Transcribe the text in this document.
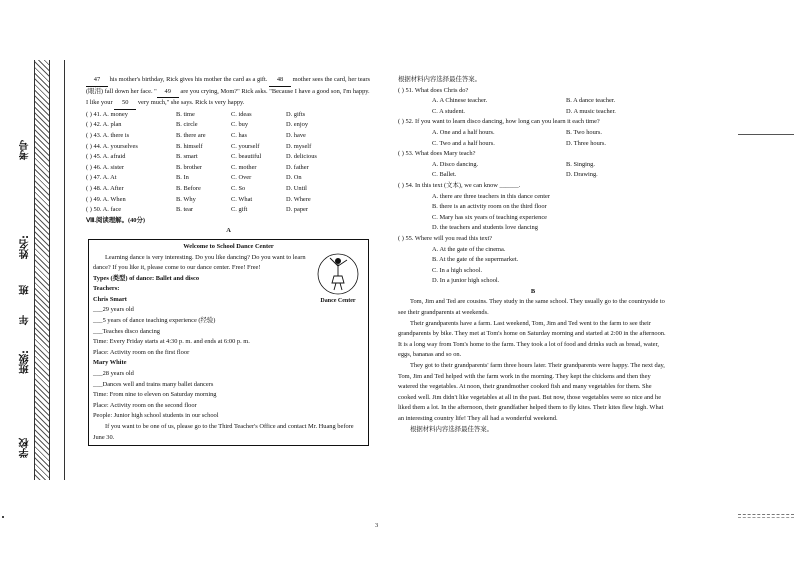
考号
姓名:
班
年
班级:
学校

47 his mother's birthday, Rick gives his mother the card as a gift. 48 mother sees the card, her tears (眼泪) fall down her face. " 49 are you crying, Mom?" Rick asks. "Because I have a good son, I'm happy. I like your 50 very much," she says. Rick is very happy.

( ) 41. A. money	B. time	C. ideas	D. gifts
( ) 42. A. plan	B. circle	C. buy	D. enjoy
( ) 43. A. there is	B. there are	C. has	D. have
( ) 44. A. yourselves	B. himself	C. yourself	D. myself
( ) 45. A. afraid	B. smart	C. beautiful	D. delicious
( ) 46. A. sister	B. brother	C. mother	D. father
( ) 47. A. At	B. In	C. Over	D. On
( ) 48. A. After	B. Before	C. So	D. Until
( ) 49. A. When	B. Why	C. What	D. Where
( ) 50. A. face	B. tear	C. gift	D. paper

Ⅷ.阅读理解。(40分)

A

Welcome to School Dance Center

Learning dance is very interesting. Do you like dancing? Do you want to learn dance? If you like it, please come to our dance center. Free! Free!

Types (类型) of dance: Ballet and disco

Teachers:

Chris Smart

___29 years old

___5 years of dance teaching experience (经验)

___Teaches disco dancing

Time: Every Friday starts at 4:30 p. m. and ends at 6:00 p. m.

Place: Activity room on the first floor

Mary White

___28 years old

___Dances well and trains many ballet dancers

Time: From nine to eleven on Saturday morning

Place: Activity room on the second floor

People: Junior high school students in our school

If you want to be one of us, please go to the Third Teacher's Office and contact Mr. Huang before June 30.

Dance Center

根据材料内容选择最佳答案。

( ) 51. What does Chris do?

A. A Chinese teacher.	B. A dance teacher.
C. A student.	D. A music teacher.

( ) 52. If you want to learn disco dancing, how long can you learn it each time?

A. One and a half hours.	B. Two hours.
C. Two and a half hours.	D. Three hours.

( ) 53. What does Mary teach?

A. Disco dancing.	B. Singing.
C. Ballet.	D. Drawing.

( ) 54. In this text (文本), we can know ______.

A. there are three teachers in this dance center

B. there is an activity room on the third floor

C. Mary has six years of teaching experience

D. the teachers and students love dancing

( ) 55. Where will you read this text?

A. At the gate of the cinema.

B. At the gate of the supermarket.

C. In a high school.

D. In a junior high school.

B

Tom, Jim and Ted are cousins. They study in the same school. They usually go to the countryside to see their grandparents at weekends.

Their grandparents have a farm. Last weekend, Tom, Jim and Ted went to the farm to see their grandparents by bike. They met at Tom's home on Saturday morning and started at 2:00 in the afternoon. It is a long way from Tom's home to the farm. They took a lot of food and drinks such as bread, water, eggs, bananas and so on.

They got to their grandparents' farm three hours later. Their grandparents were happy. The next day, Tom, Jim and Ted helped with the farm work in the morning. They kept the chickens and then they watered the vegetables. At noon, their grandmother cooked fish and many vegetables for them. She cooked well. Jim didn't like vegetables at all in the past. But now, those vegetables were so nice and he liked them a lot. In the afternoon, their grandfather helped them to fly kites. Their kites flew high. What an interesting country life! They all had a wonderful weekend.

根据材料内容选择最佳答案。

3
